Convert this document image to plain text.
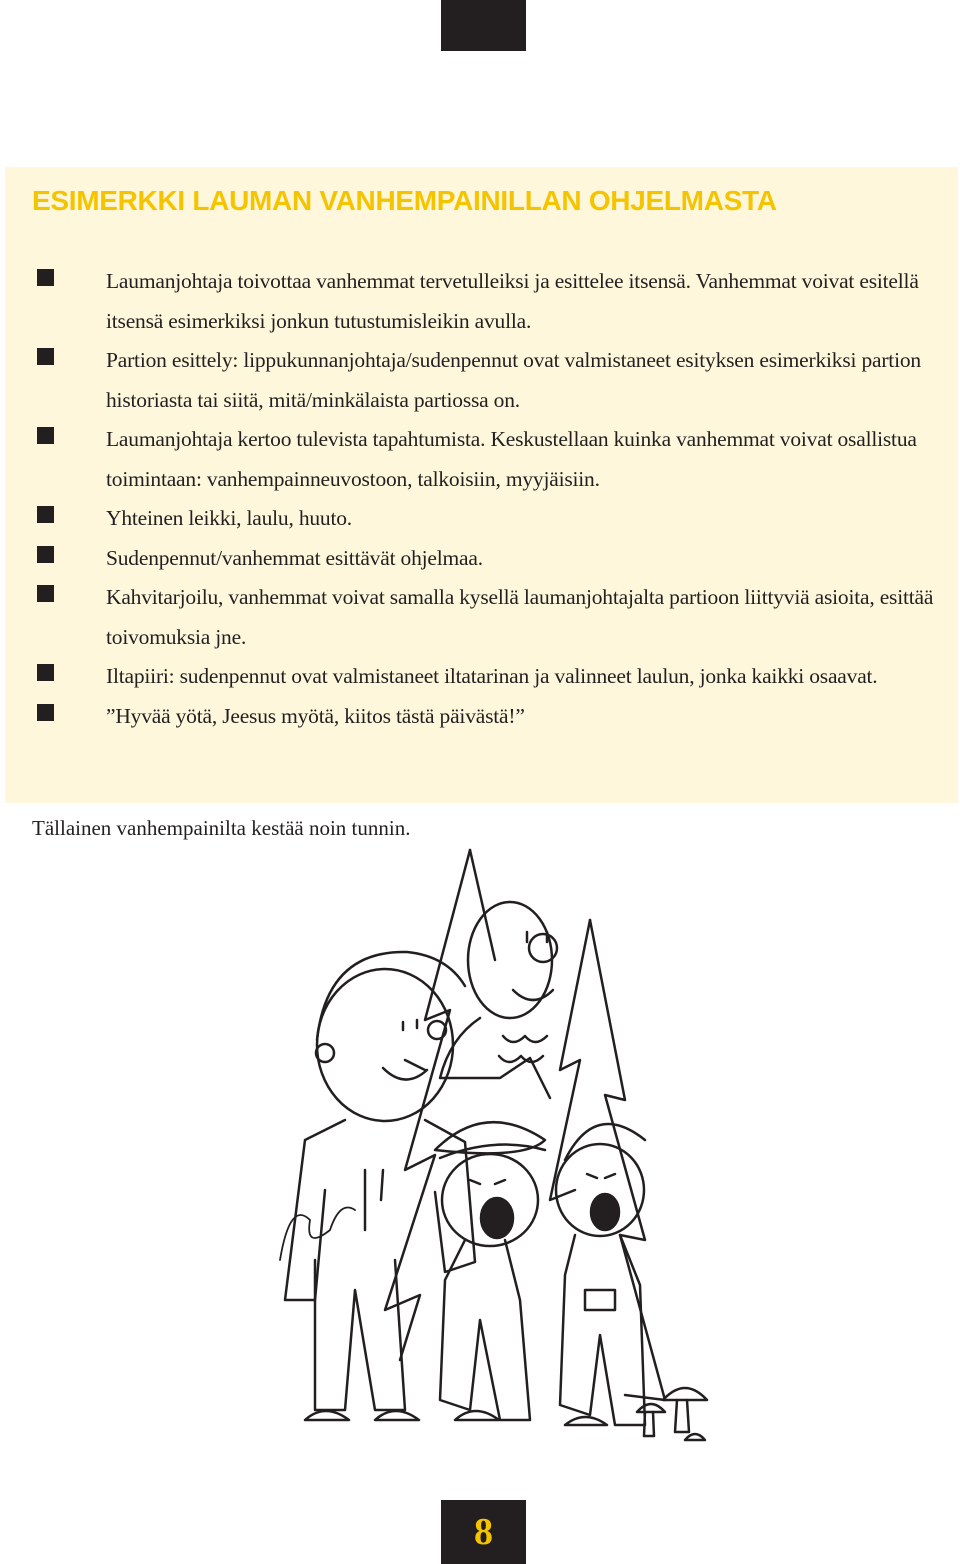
ESIMERKKI LAUMAN VANHEMPAINILLAN OHJELMASTA
Laumanjohtaja toivottaa vanhemmat tervetulleiksi ja esittelee itsensä. Vanhemmat voivat esitellä itsensä esimerkiksi jonkun tutustumisleikin avulla.
Partion esittely: lippukunnanjohtaja/sudenpennut ovat valmistaneet esityksen esimerkiksi partion historiasta tai siitä, mitä/minkälaista partiossa on.
Laumanjohtaja kertoo tulevista tapahtumista. Keskustellaan kuinka vanhemmat voivat osallistua toimintaan: vanhempainneuvostoon, talkoisiin, myyjäisiin.
Yhteinen leikki, laulu, huuto.
Sudenpennut/vanhemmat esittävät ohjelmaa.
Kahvitarjoilu, vanhemmat voivat samalla kysellä laumanjohtajalta partioon liittyviä asioita, esittää toivomuksia jne.
Iltapiiri: sudenpennut ovat valmistaneet iltatarinan ja valinneet laulun, jonka kaikki osaavat.
”Hyvää yötä, Jeesus myötä, kiitos tästä päivästä!”

Tällainen vanhempainilta kestää noin tunnin.

8
